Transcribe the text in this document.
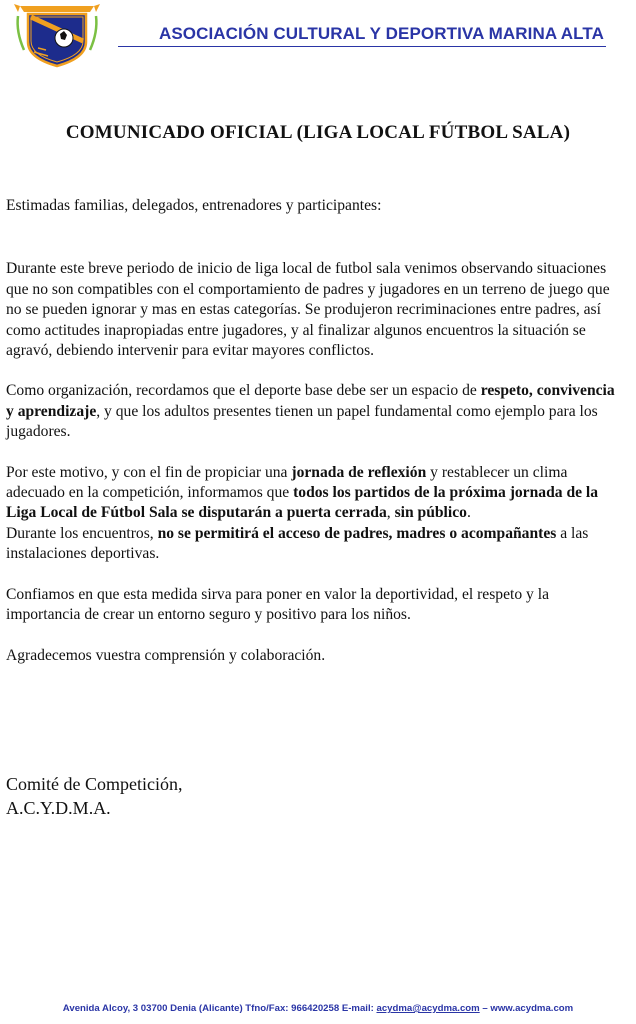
ASOCIACIÓN CULTURAL Y DEPORTIVA MARINA ALTA
COMUNICADO OFICIAL (LIGA LOCAL FÚTBOL SALA)

Estimadas familias, delegados, entrenadores y participantes:

Durante este breve periodo de inicio de liga local de futbol sala venimos observando situaciones que no son compatibles con el comportamiento de padres y jugadores en un terreno de juego que no se pueden ignorar y mas en estas categorías. Se produjeron recriminaciones entre padres, así como actitudes inapropiadas entre jugadores, y al finalizar algunos encuentros la situación se agravó, debiendo intervenir para evitar mayores conflictos.

Como organización, recordamos que el deporte base debe ser un espacio de respeto, convivencia y aprendizaje, y que los adultos presentes tienen un papel fundamental como ejemplo para los jugadores.

Por este motivo, y con el fin de propiciar una jornada de reflexión y restablecer un clima adecuado en la competición, informamos que todos los partidos de la próxima jornada de la Liga Local de Fútbol Sala se disputarán a puerta cerrada, sin público.
Durante los encuentros, no se permitirá el acceso de padres, madres o acompañantes a las instalaciones deportivas.

Confiamos en que esta medida sirva para poner en valor la deportividad, el respeto y la importancia de crear un entorno seguro y positivo para los niños.

Agradecemos vuestra comprensión y colaboración.

Comité de Competición,
A.C.Y.D.M.A.
Avenida Alcoy, 3 03700 Denia (Alicante) Tfno/Fax: 966420258 E-mail: acydma@acydma.com – www.acydma.com
